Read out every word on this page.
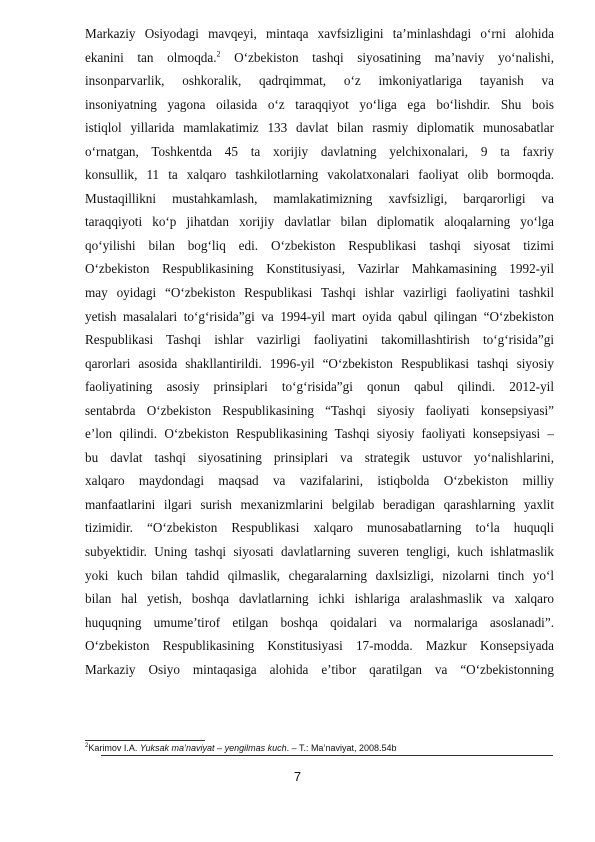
Markaziy Osiyodagi mavqeyi, mintaqa xavfsizligini ta’minlashdagi o‘rni alohida
ekanini tan olmoqda.$^2$ O‘zbekiston tashqi siyosatining ma’naviy yo‘nalishi,
insonparvarlik, oshkoralik, qadrqimmat, o‘z imkoniyatlariga tayanish va
insoniyatning yagona oilasida o‘z taraqqiyot yo‘liga ega bo‘lishdir. Shu bois
istiqlol yillarida mamlakatimiz 133 davlat bilan rasmiy diplomatik munosabatlar
o‘rnatgan, Toshkentda 45 ta xorijiy davlatning yelchixonalari, 9 ta faxriy
konsullik, 11 ta xalqaro tashkilotlarning vakolatxonalari faoliyat olib bormoqda.
Mustaqillikni mustahkamlash, mamlakatimizning xavfsizligi, barqarorligi va
taraqqiyoti ko‘p jihatdan xorijiy davlatlar bilan diplomatik aloqalarning yo‘lga
qo‘yilishi bilan bog‘liq edi. O‘zbekiston Respublikasi tashqi siyosat tizimi
O‘zbekiston Respublikasining Konstitusiyasi, Vazirlar Mahkamasining 1992-yil
may oyidagi “O‘zbekiston Respublikasi Tashqi ishlar vazirligi faoliyatini tashkil
yetish masalalari to‘g‘risida”gi va 1994-yil mart oyida qabul qilingan “O‘zbekiston
Respublikasi Tashqi ishlar vazirligi faoliyatini takomillashtirish to‘g‘risida”gi
qarorlari asosida shakllantirildi. 1996-yil “O‘zbekiston Respublikasi tashqi siyosiy
faoliyatining asosiy prinsiplari to‘g‘risida”gi qonun qabul qilindi. 2012-yil
sentabrda O‘zbekiston Respublikasining “Tashqi siyosiy faoliyati konsepsiyasi”
e’lon qilindi. O‘zbekiston Respublikasining Tashqi siyosiy faoliyati konsepsiyasi –
bu davlat tashqi siyosatining prinsiplari va strategik ustuvor yo‘nalishlarini,
xalqaro maydondagi maqsad va vazifalarini, istiqbolda O‘zbekiston milliy
manfaatlarini ilgari surish mexanizmlarini belgilab beradigan qarashlarning yaxlit
tizimidir. “O‘zbekiston Respublikasi xalqaro munosabatlarning to‘la huquqli
subyektidir. Uning tashqi siyosati davlatlarning suveren tengligi, kuch ishlatmaslik
yoki kuch bilan tahdid qilmaslik, chegaralarning daxlsizligi, nizolarni tinch yo‘l
bilan hal yetish, boshqa davlatlarning ichki ishlariga aralashmaslik va xalqaro
huquqning umume’tirof etilgan boshqa qoidalari va normalariga asoslanadi”.
O‘zbekiston Respublikasining Konstitusiyasi 17-modda. Mazkur Konsepsiyada
Markaziy Osiyo mintaqasiga alohida e’tibor qaratilgan va “O‘zbekistonning
$^2$Karimov I.A. Yuksak ma’naviyat – yengilmas kuch. – T.: Ma’naviyat, 2008.54b
7
